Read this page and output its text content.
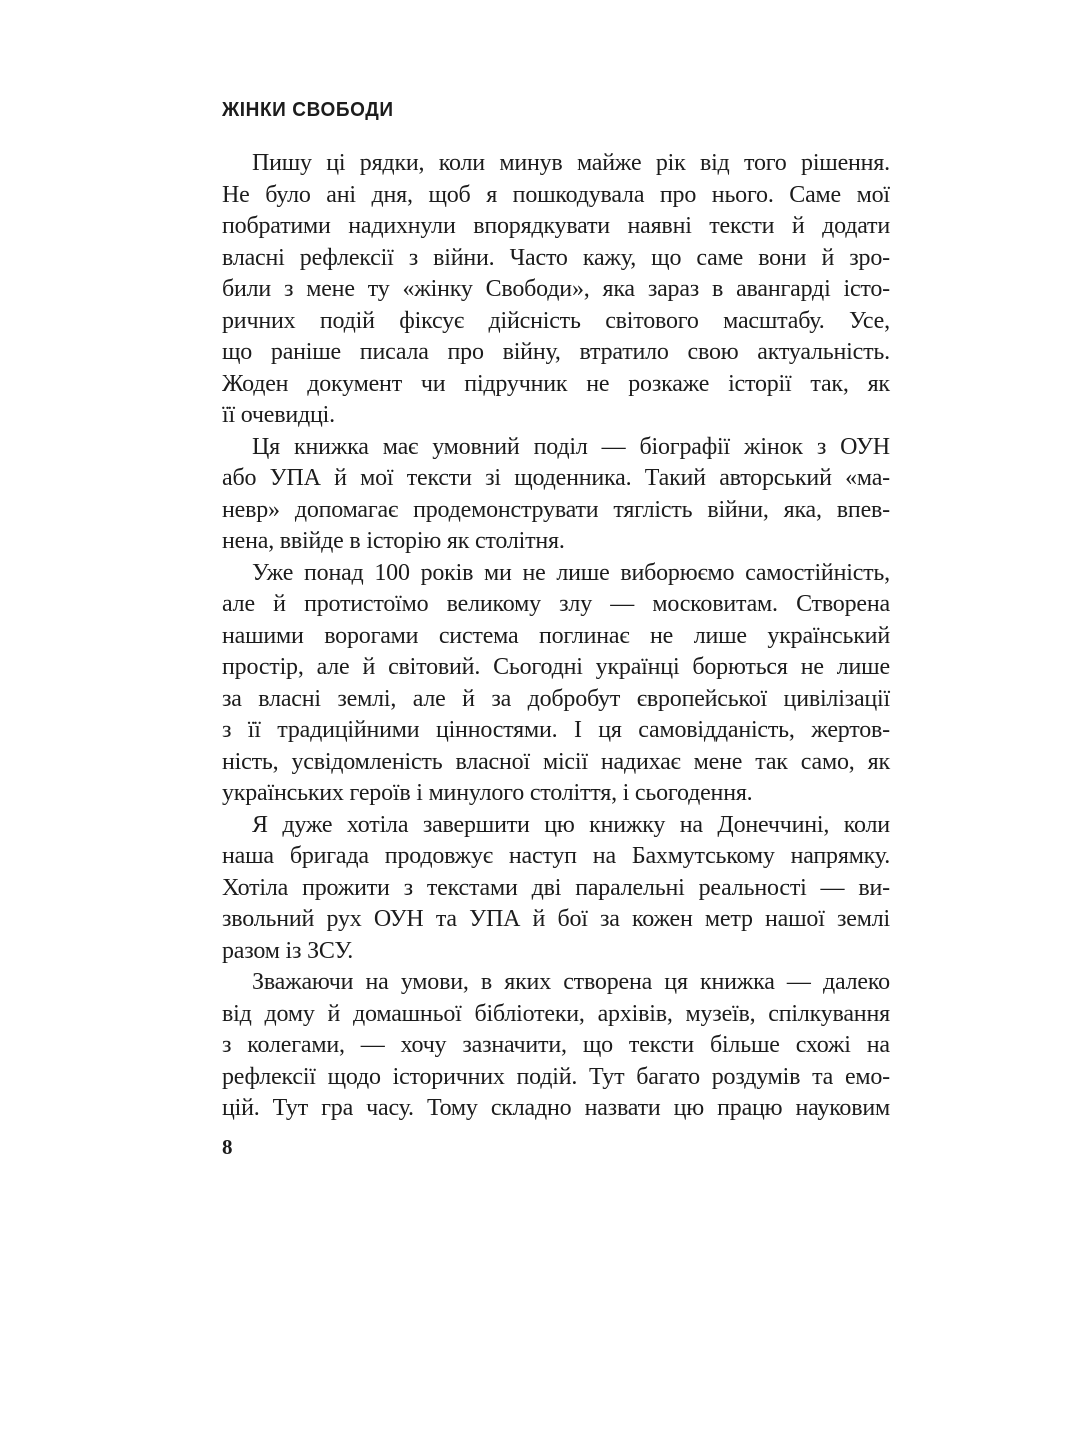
ЖІНКИ СВОБОДИ
Пишу ці рядки, коли минув майже рік від того рішення.
Не було ані дня, щоб я пошкодувала про нього. Саме мої
побратими надихнули впорядкувати наявні тексти й додати
власні рефлексії з війни. Часто кажу, що саме вони й зро-
били з мене ту «жінку Свободи», яка зараз в авангарді істо-
ричних подій фіксує дійсність світового масштабу. Усе,
що раніше писала про війну, втратило свою актуальність.
Жоден документ чи підручник не розкаже історії так, як
її очевидці.
Ця книжка має умовний поділ — біографії жінок з ОУН
або УПА й мої тексти зі щоденника. Такий авторський «ма-
невр» допомагає продемонструвати тяглість війни, яка, впев-
нена, ввійде в історію як столітня.
Уже понад 100 років ми не лише виборюємо самостійність,
але й протистоїмо великому злу — московитам. Створена
нашими ворогами система поглинає не лише український
простір, але й світовий. Сьогодні українці борються не лише
за власні землі, але й за добробут європейської цивілізації
з її традиційними цінностями. І ця самовідданість, жертов-
ність, усвідомленість власної місії надихає мене так само, як
українських героїв і минулого століття, і сьогодення.
Я дуже хотіла завершити цю книжку на Донеччині, коли
наша бригада продовжує наступ на Бахмутському напрямку.
Хотіла прожити з текстами дві паралельні реальності — ви-
звольний рух ОУН та УПА й бої за кожен метр нашої землі
разом із ЗСУ.
Зважаючи на умови, в яких створена ця книжка — далеко
від дому й домашньої бібліотеки, архівів, музеїв, спілкування
з колегами, — хочу зазначити, що тексти більше схожі на
рефлексії щодо історичних подій. Тут багато роздумів та емо-
цій. Тут гра часу. Тому складно назвати цю працю науковим
8
